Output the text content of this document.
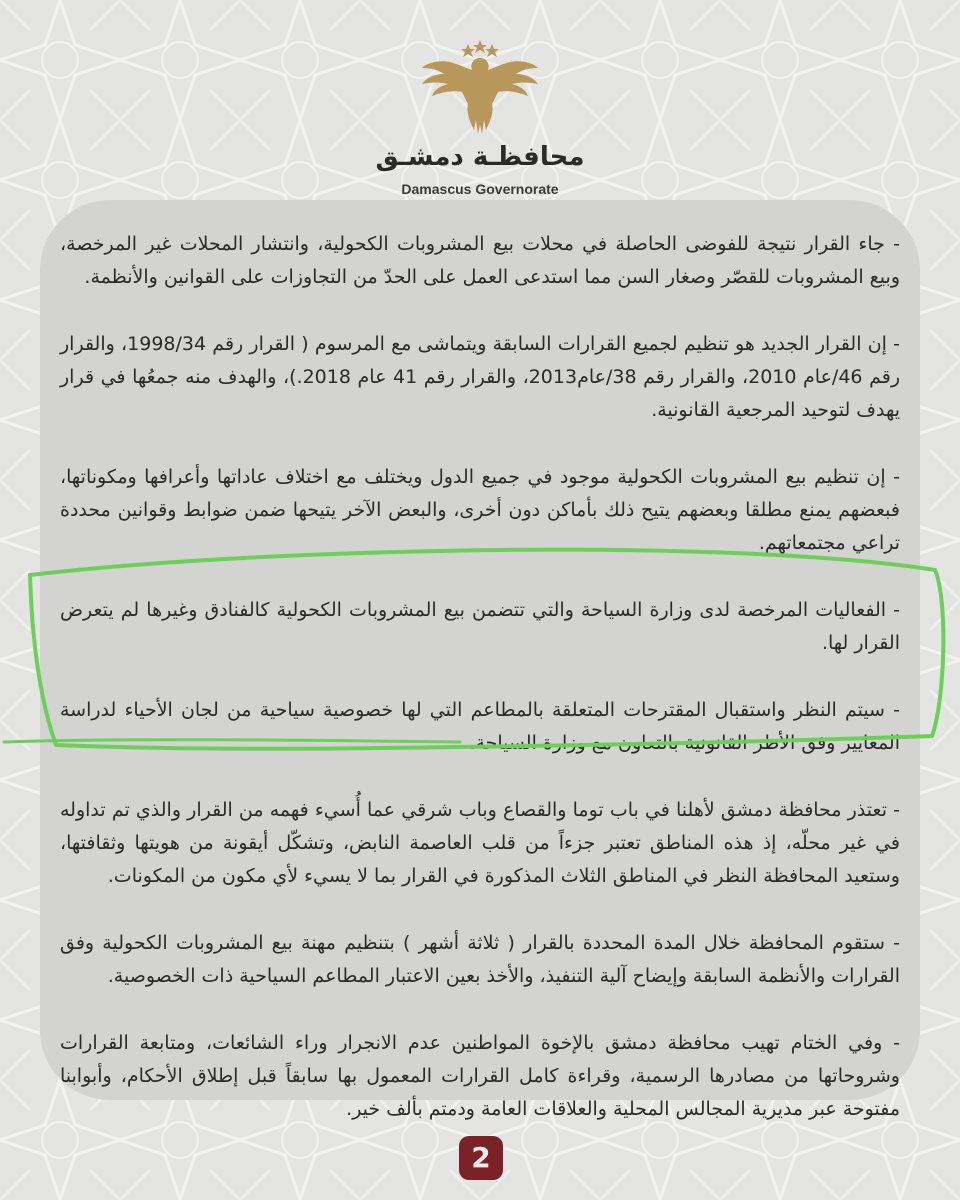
محافظـة دمشـق
Damascus Governorate

- جاء القرار نتيجة للفوضى الحاصلة في محلات بيع المشروبات الكحولية، وانتشار المحلات غير المرخصة، وبيع المشروبات للقصّر وصغار السن مما استدعى العمل على الحدّ من التجاوزات على القوانين والأنظمة.

- إن القرار الجديد هو تنظيم لجميع القرارات السابقة ويتماشى مع المرسوم ( القرار رقم 1998/34، والقرار رقم 46/عام 2010، والقرار رقم 38/عام2013، والقرار رقم 41 عام 2018.)، والهدف منه جمعُها في قرار يهدف لتوحيد المرجعية القانونية.

- إن تنظيم بيع المشروبات الكحولية موجود في جميع الدول ويختلف مع اختلاف عاداتها وأعرافها ومكوناتها، فبعضهم يمنع مطلقا وبعضهم يتيح ذلك بأماكن دون أخرى، والبعض الآخر يتيحها ضمن ضوابط وقوانين محددة تراعي مجتمعاتهم.

- الفعاليات المرخصة لدى وزارة السياحة والتي تتضمن بيع المشروبات الكحولية كالفنادق وغيرها لم يتعرض القرار لها.

- سيتم النظر واستقبال المقترحات المتعلقة بالمطاعم التي لها خصوصية سياحية من لجان الأحياء لدراسة المعايير وفق الأطر القانونية بالتعاون مع وزارة السياحة.

- تعتذر محافظة دمشق لأهلنا في باب توما والقصاع وباب شرقي عما أُسيء فهمه من القرار والذي تم تداوله في غير محلّه، إذ هذه المناطق تعتبر جزءاً من قلب العاصمة النابض، وتشكّل أيقونة من هويتها وثقافتها، وستعيد المحافظة النظر في المناطق الثلاث المذكورة في القرار بما لا يسيء لأي مكون من المكونات.

- ستقوم المحافظة خلال المدة المحددة بالقرار ( ثلاثة أشهر ) بتنظيم مهنة بيع المشروبات الكحولية وفق القرارات والأنظمة السابقة وإيضاح آلية التنفيذ، والأخذ بعين الاعتبار المطاعم السياحية ذات الخصوصية.

- وفي الختام تهيب محافظة دمشق بالإخوة المواطنين عدم الانجرار وراء الشائعات، ومتابعة القرارات وشروحاتها من مصادرها الرسمية، وقراءة كامل القرارات المعمول بها سابقاً قبل إطلاق الأحكام، وأبوابنا مفتوحة عبر مديرية المجالس المحلية والعلاقات العامة ودمتم بألف خير.

2
